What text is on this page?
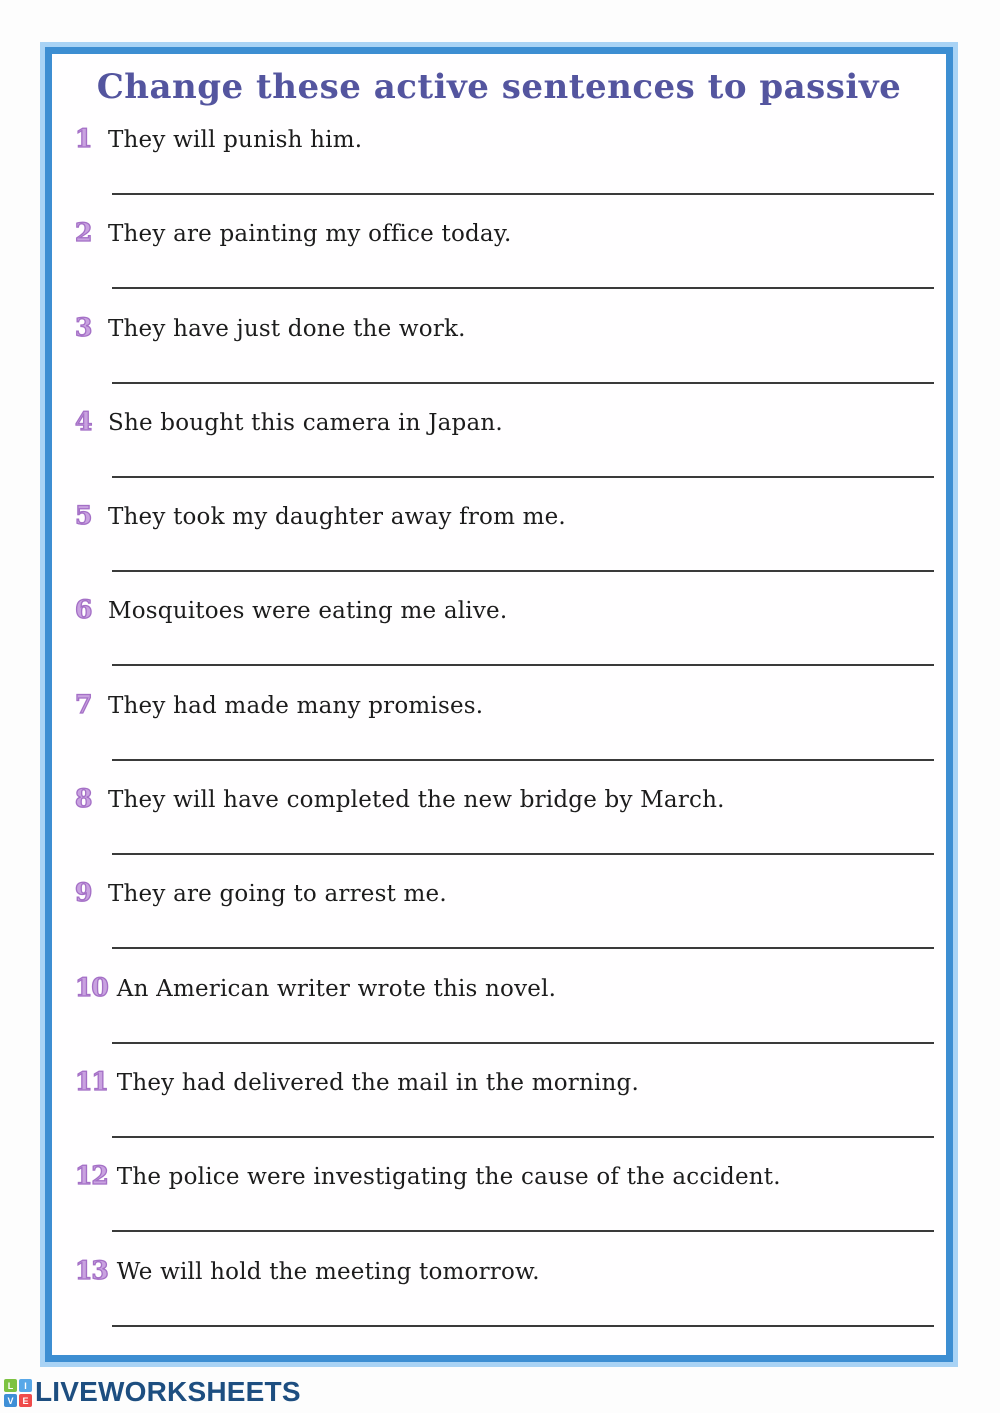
Change these active sentences to passive
1 They will punish him.
2 They are painting my office today.
3 They have just done the work.
4 She bought this camera in Japan.
5 They took my daughter away from me.
6 Mosquitoes were eating me alive.
7 They had made many promises.
8 They will have completed the new bridge by March.
9 They are going to arrest me.
10 An American writer wrote this novel.
11 They had delivered the mail in the morning.
12 The police were investigating the cause of the accident.
13 We will hold the meeting tomorrow.
L	I
V E LIVEWORKSHEETS
